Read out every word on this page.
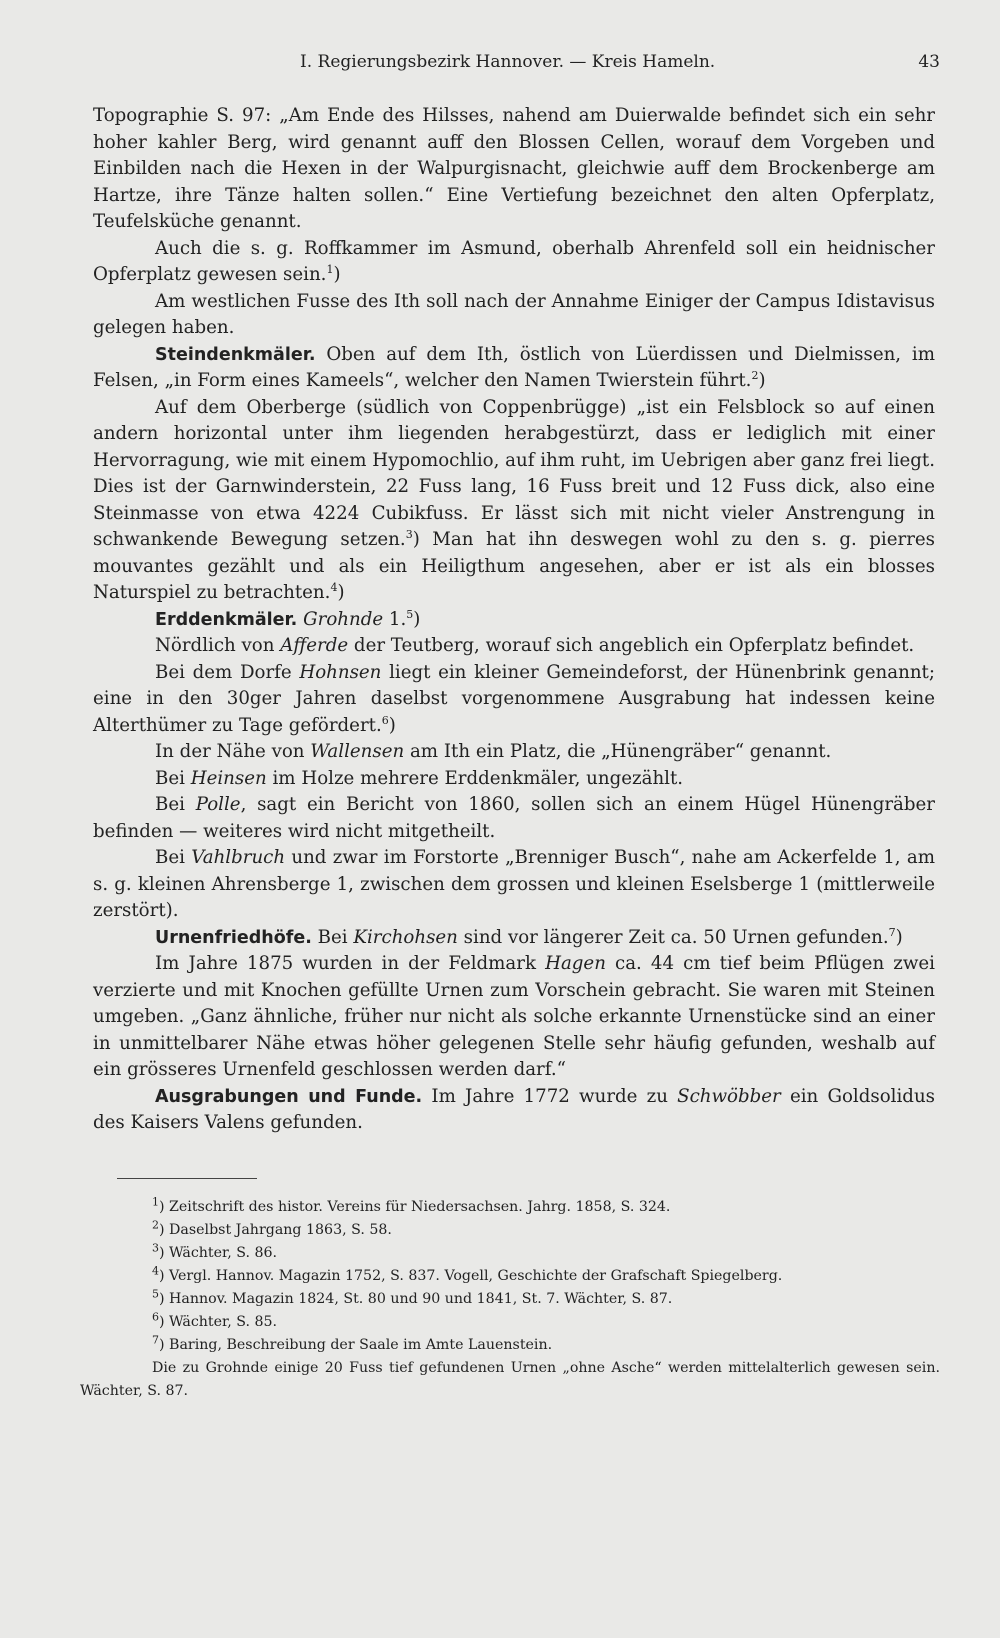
I. Regierungsbezirk Hannover. — Kreis Hameln.	43

Topographie S. 97: „Am Ende des Hilsses, nahend am Duierwalde befindet sich ein sehr hoher kahler Berg, wird genannt auff den Blossen Cellen, worauf dem Vorgeben und Einbilden nach die Hexen in der Walpurgisnacht, gleichwie auff dem Brockenberge am Hartze, ihre Tänze halten sollen.“ Eine Vertiefung bezeichnet den alten Opferplatz, Teufelsküche genannt.

Auch die s. g. Roffkammer im Asmund, oberhalb Ahrenfeld soll ein heidnischer Opferplatz gewesen sein.$^1$)

Am westlichen Fusse des Ith soll nach der Annahme Einiger der Campus Idistavisus gelegen haben.

Steindenkmäler. Oben auf dem Ith, östlich von Lüerdissen und Dielmissen, im Felsen, „in Form eines Kameels“, welcher den Namen Twierstein führt.$^2$)

Auf dem Oberberge (südlich von Coppenbrügge) „ist ein Felsblock so auf einen andern horizontal unter ihm liegenden herabgestürzt, dass er lediglich mit einer Hervorragung, wie mit einem Hypomochlio, auf ihm ruht, im Uebrigen aber ganz frei liegt. Dies ist der Garnwinderstein, 22 Fuss lang, 16 Fuss breit und 12 Fuss dick, also eine Steinmasse von etwa 4224 Cubikfuss. Er lässt sich mit nicht vieler Anstrengung in schwankende Bewegung setzen.$^3$) Man hat ihn deswegen wohl zu den s. g. pierres mouvantes gezählt und als ein Heiligthum angesehen, aber er ist als ein blosses Naturspiel zu betrachten.$^4$)

Erddenkmäler. Grohnde 1.$^5$)

Nördlich von Afferde der Teutberg, worauf sich angeblich ein Opferplatz befindet.

Bei dem Dorfe Hohnsen liegt ein kleiner Gemeindeforst, der Hünenbrink genannt; eine in den 30ger Jahren daselbst vorgenommene Ausgrabung hat indessen keine Alterthümer zu Tage gefördert.$^6$)

In der Nähe von Wallensen am Ith ein Platz, die „Hünengräber“ genannt.

Bei Heinsen im Holze mehrere Erddenkmäler, ungezählt.

Bei Polle, sagt ein Bericht von 1860, sollen sich an einem Hügel Hünengräber befinden — weiteres wird nicht mitgetheilt.

Bei Vahlbruch und zwar im Forstorte „Brenniger Busch“, nahe am Ackerfelde 1, am s. g. kleinen Ahrensberge 1, zwischen dem grossen und kleinen Eselsberge 1 (mittlerweile zerstört).

Urnenfriedhöfe. Bei Kirchohsen sind vor längerer Zeit ca. 50 Urnen gefunden.$^7$)

Im Jahre 1875 wurden in der Feldmark Hagen ca. 44 cm tief beim Pflügen zwei verzierte und mit Knochen gefüllte Urnen zum Vorschein gebracht. Sie waren mit Steinen umgeben. „Ganz ähnliche, früher nur nicht als solche erkannte Urnenstücke sind an einer in unmittelbarer Nähe etwas höher gelegenen Stelle sehr häufig gefunden, weshalb auf ein grösseres Urnenfeld geschlossen werden darf.“

Ausgrabungen und Funde. Im Jahre 1772 wurde zu Schwöbber ein Goldsolidus des Kaisers Valens gefunden.

$^1$) Zeitschrift des histor. Vereins für Niedersachsen. Jahrg. 1858, S. 324.

$^2$) Daselbst Jahrgang 1863, S. 58.

$^3$) Wächter, S. 86.

$^4$) Vergl. Hannov. Magazin 1752, S. 837. Vogell, Geschichte der Grafschaft Spiegelberg.

$^5$) Hannov. Magazin 1824, St. 80 und 90 und 1841, St. 7. Wächter, S. 87.

$^6$) Wächter, S. 85.

$^7$) Baring, Beschreibung der Saale im Amte Lauenstein.

Die zu Grohnde einige 20 Fuss tief gefundenen Urnen „ohne Asche“ werden mittelalterlich gewesen sein. Wächter, S. 87.
